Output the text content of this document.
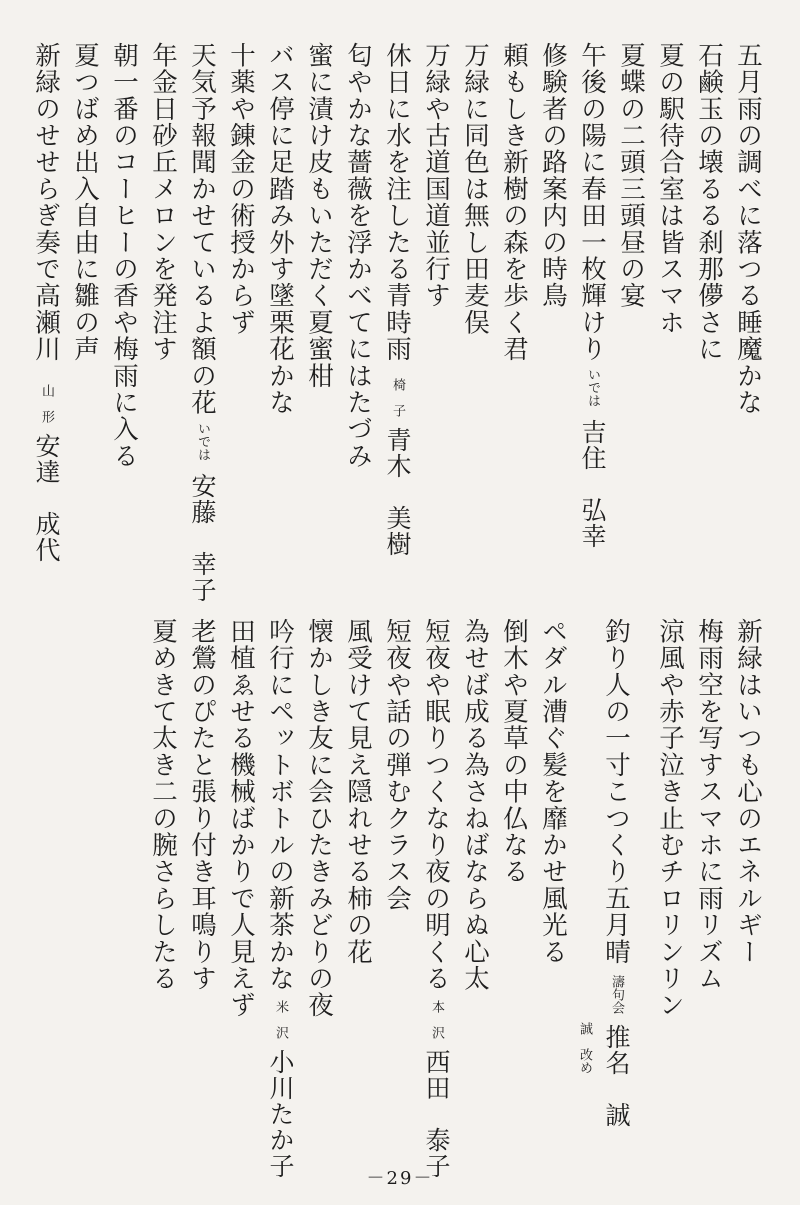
五月雨の調べに落つる睡魔かな
石鹸玉の壊るる刹那儚さに
夏の駅待合室は皆スマホ
夏蝶の二頭三頭昼の宴
午後の陽に春田一枚輝けり
いでは
吉住　弘幸
修験者の路案内の時鳥
頼もしき新樹の森を歩く君
万緑に同色は無し田麦俣
万緑や古道国道並行す
休日に水を注したる青時雨
椅　子
青木　美樹
匂やかな薔薇を浮かべてにはたづみ
蜜に漬け皮もいただく夏蜜柑
バス停に足踏み外す墜栗花かな
十薬や錬金の術授からず
天気予報聞かせているよ額の花
いでは
安藤　幸子
年金日砂丘メロンを発注す
朝一番のコーヒーの香や梅雨に入る
夏つばめ出入自由に雛の声
新緑のせせらぎ奏で高瀬川
山　形
安達　成代
新緑はいつも心のエネルギー
梅雨空を写すスマホに雨リズム
涼風や赤子泣き止むチロリンリン
釣り人の一寸こつくり五月晴
濤句会
推名　誠
誠　改め
ペダル漕ぐ髪を靡かせ風光る
倒木や夏草の中仏なる
為せば成る為さねばならぬ心太
短夜や眠りつくなり夜の明くる
本　沢
西田　泰子
短夜や話の弾むクラス会
風受けて見え隠れせる柿の花
懐かしき友に会ひたきみどりの夜
吟行にペットボトルの新茶かな
米　沢
小川たか子
田植ゑせる機械ばかりで人見えず
老鶯のぴたと張り付き耳鳴りす
夏めきて太き二の腕さらしたる
－29－
